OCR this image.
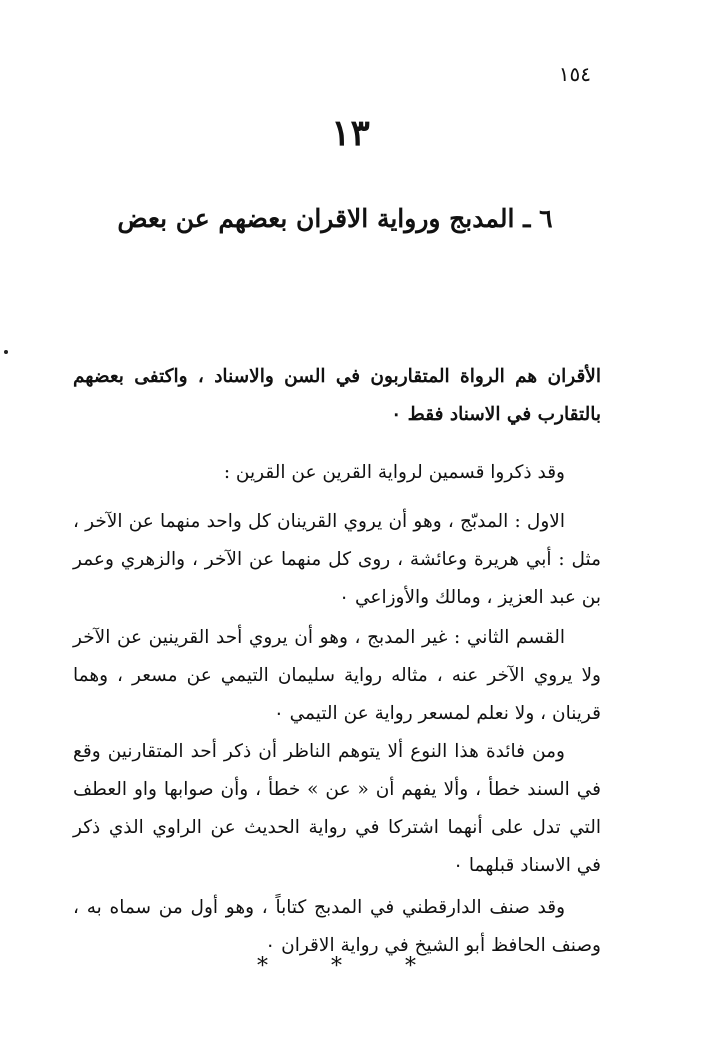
١٥٤
١٣
٦ ـ المدبج ورواية الاقران بعضهم عن بعض

الأقران هم الرواة المتقاربون في السن والاسناد ، واكتفى بعضهم بالتقارب في الاسناد فقط ٠

وقد ذكروا قسمين لرواية القرين عن القرين :

الاول : المدبّج ، وهو أن يروي القرينان كل واحد منهما عن الآخر ، مثل : أبي هريرة وعائشة ، روى كل منهما عن الآخر ، والزهري وعمر بن عبد العزيز ، ومالك والأوزاعي ٠

القسم الثاني : غير المدبج ، وهو أن يروي أحد القرينين عن الآخر ولا يروي الآخر عنه ، مثاله رواية سليمان التيمي عن مسعر ، وهما قرينان ، ولا نعلم لمسعر رواية عن التيمي ٠

ومن فائدة هذا النوع ألا يتوهم الناظر أن ذكر أحد المتقارنين وقع في السند خطأ ، وألا يفهم أن « عن » خطأ ، وأن صوابها واو العطف التي تدل على أنهما اشتركا في رواية الحديث عن الراوي الذي ذكر في الاسناد قبلهما ٠

وقد صنف الدارقطني في المدبج كتاباً ، وهو أول من سماه به ، وصنف الحافظ أبو الشيخ في رواية الاقران ٠

* * *
